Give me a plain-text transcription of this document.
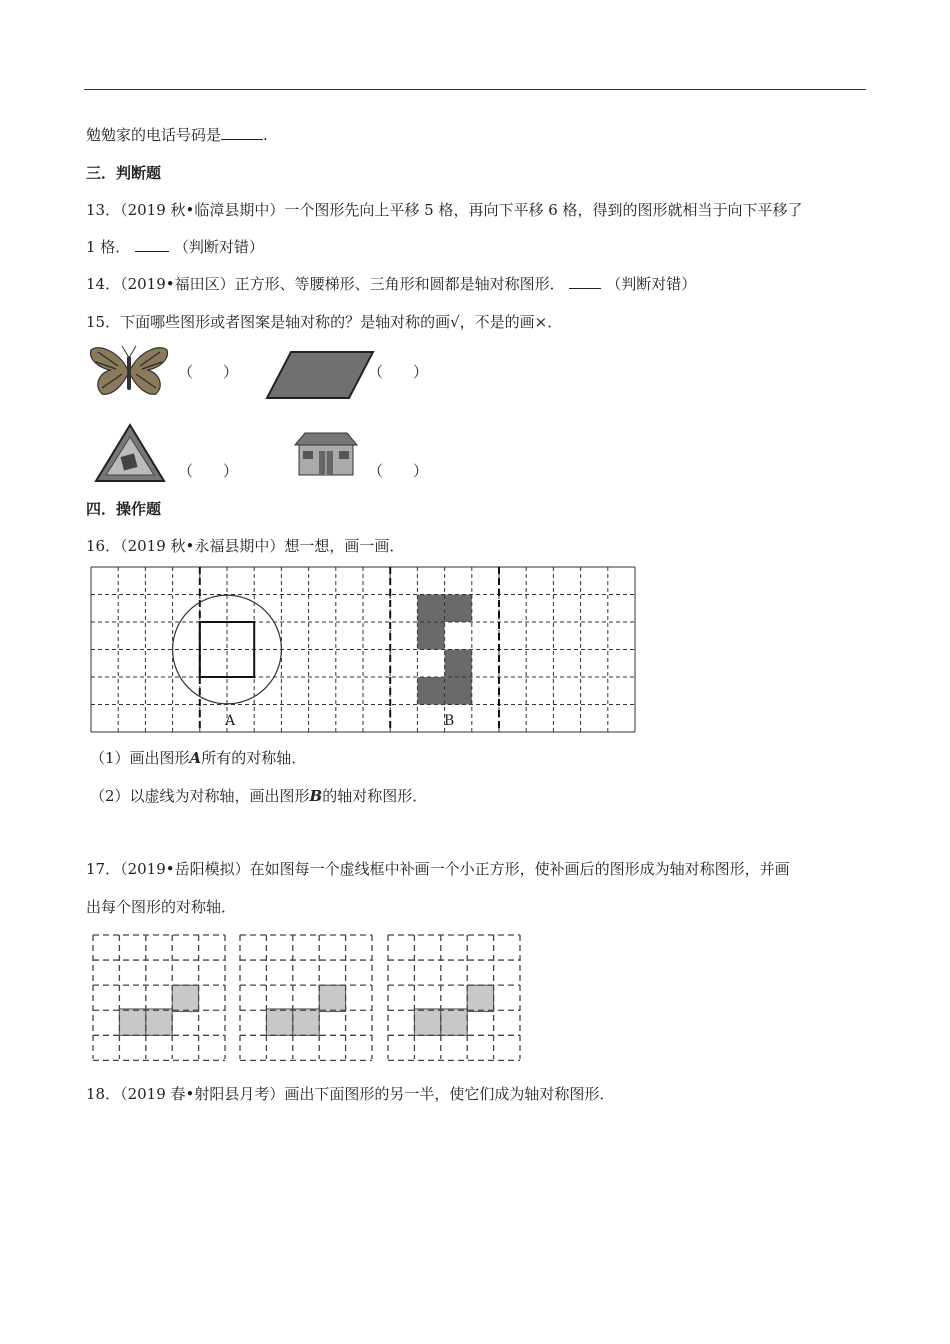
勉勉家的电话号码是	.
三．判断题
13．（2019 秋•临漳县期中）一个图形先向上平移 5 格，再向下平移 6 格，得到的图形就相当于向下平移了
1 格．	（判断对错）
14．（2019•福田区）正方形、等腰梯形、三角形和圆都是轴对称图形．	（判断对错）
15．下面哪些图形或者图案是轴对称的？是轴对称的画√，不是的画×．
（　　）	（　　）
（　　）	（　　）
四．操作题
16．（2019 秋•永福县期中）想一想，画一画．
A	B
（1）画出图形A所有的对称轴．
（2）以虚线为对称轴，画出图形B的轴对称图形．
17．（2019•岳阳模拟）在如图每一个虚线框中补画一个小正方形，使补画后的图形成为轴对称图形，并画
出每个图形的对称轴．
18．（2019 春•射阳县月考）画出下面图形的另一半，使它们成为轴对称图形．
